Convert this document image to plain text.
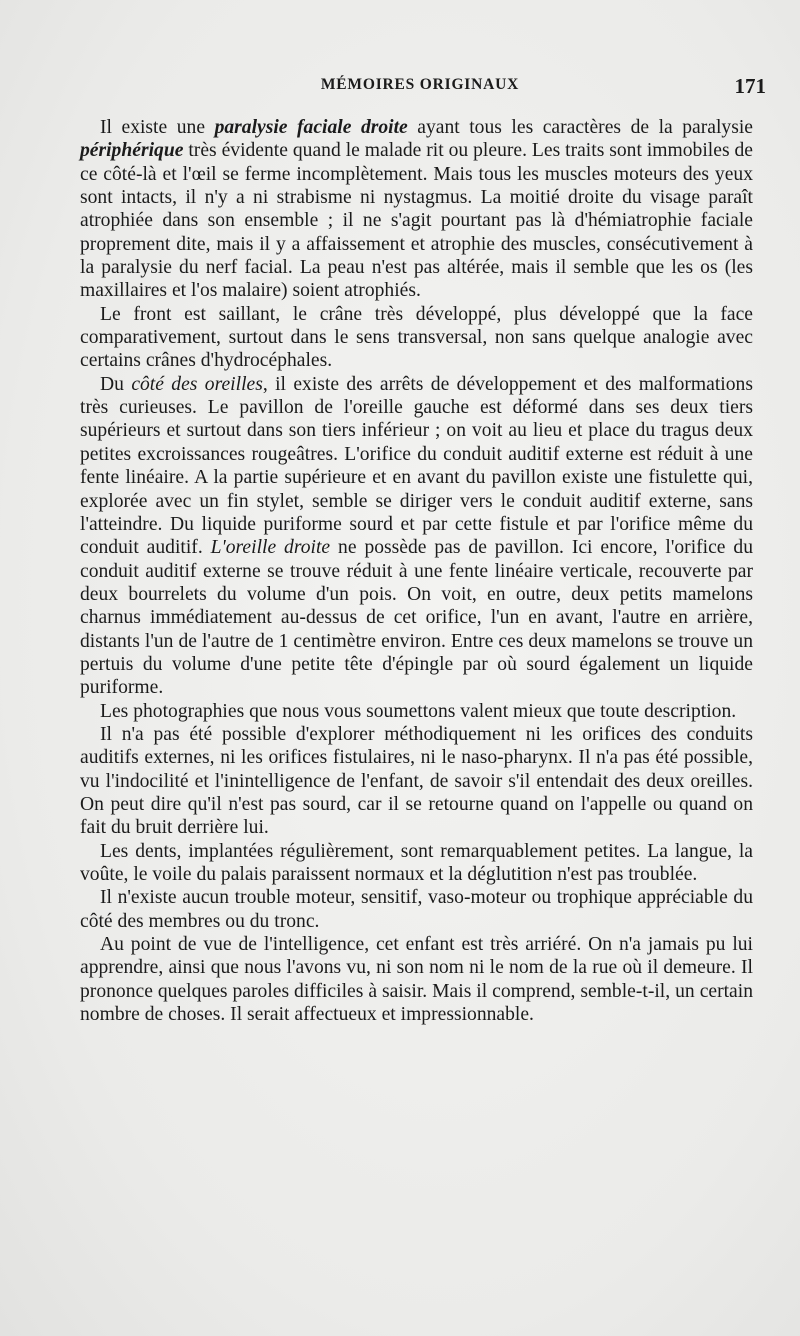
MÉMOIRES ORIGINAUX	171

Il existe une paralysie faciale droite ayant tous les caractères de la paralysie périphérique très évidente quand le malade rit ou pleure. Les traits sont immobiles de ce côté-là et l'œil se ferme incomplètement. Mais tous les muscles moteurs des yeux sont intacts, il n'y a ni strabisme ni nystagmus. La moitié droite du visage paraît atrophiée dans son ensemble ; il ne s'agit pourtant pas là d'hémiatrophie faciale proprement dite, mais il y a affaissement et atrophie des muscles, consécutivement à la paralysie du nerf facial. La peau n'est pas altérée, mais il semble que les os (les maxillaires et l'os malaire) soient atrophiés.

Le front est saillant, le crâne très développé, plus développé que la face comparativement, surtout dans le sens transversal, non sans quelque analogie avec certains crânes d'hydrocéphales.

Du côté des oreilles, il existe des arrêts de développement et des malformations très curieuses. Le pavillon de l'oreille gauche est déformé dans ses deux tiers supérieurs et surtout dans son tiers inférieur ; on voit au lieu et place du tragus deux petites excroissances rougeâtres. L'orifice du conduit auditif externe est réduit à une fente linéaire. A la partie supérieure et en avant du pavillon existe une fistulette qui, explorée avec un fin stylet, semble se diriger vers le conduit auditif externe, sans l'atteindre. Du liquide puriforme sourd et par cette fistule et par l'orifice même du conduit auditif. L'oreille droite ne possède pas de pavillon. Ici encore, l'orifice du conduit auditif externe se trouve réduit à une fente linéaire verticale, recouverte par deux bourrelets du volume d'un pois. On voit, en outre, deux petits mamelons charnus immédiatement au-dessus de cet orifice, l'un en avant, l'autre en arrière, distants l'un de l'autre de 1 centimètre environ. Entre ces deux mamelons se trouve un pertuis du volume d'une petite tête d'épingle par où sourd également un liquide puriforme.

Les photographies que nous vous soumettons valent mieux que toute description.

Il n'a pas été possible d'explorer méthodiquement ni les orifices des conduits auditifs externes, ni les orifices fistulaires, ni le naso-pharynx. Il n'a pas été possible, vu l'indocilité et l'inintelligence de l'enfant, de savoir s'il entendait des deux oreilles. On peut dire qu'il n'est pas sourd, car il se retourne quand on l'appelle ou quand on fait du bruit derrière lui.

Les dents, implantées régulièrement, sont remarquablement petites. La langue, la voûte, le voile du palais paraissent normaux et la déglutition n'est pas troublée.

Il n'existe aucun trouble moteur, sensitif, vaso-moteur ou trophique appréciable du côté des membres ou du tronc.

Au point de vue de l'intelligence, cet enfant est très arriéré. On n'a jamais pu lui apprendre, ainsi que nous l'avons vu, ni son nom ni le nom de la rue où il demeure. Il prononce quelques paroles difficiles à saisir. Mais il comprend, semble-t-il, un certain nombre de choses. Il serait affectueux et impressionnable.
